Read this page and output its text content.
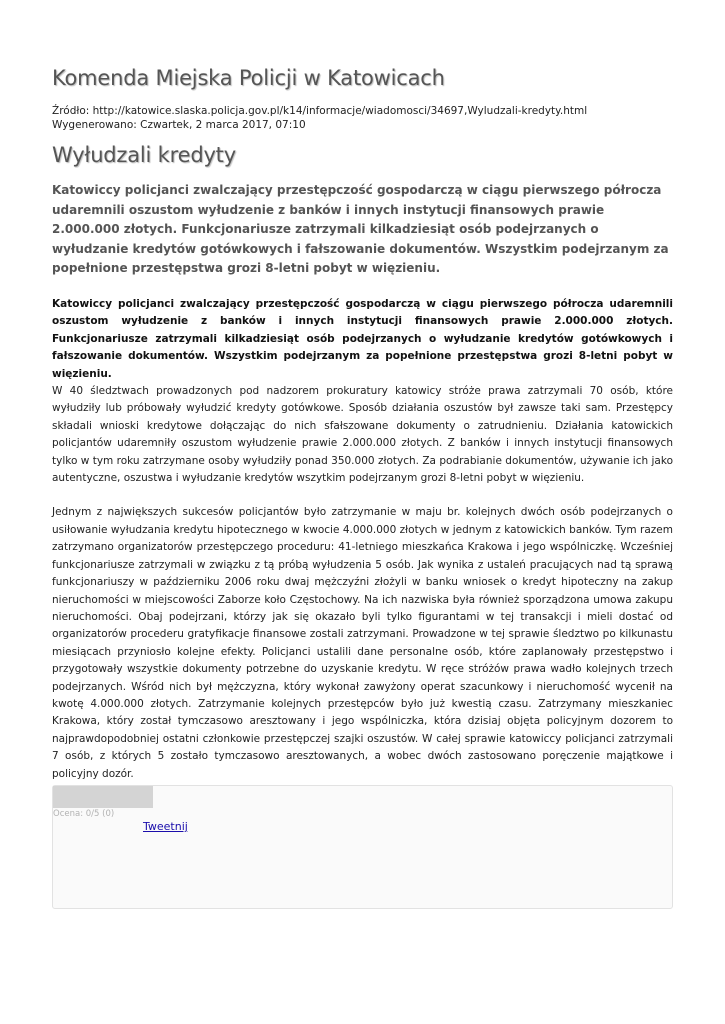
Komenda Miejska Policji w Katowicach
Źródło: http://katowice.slaska.policja.gov.pl/k14/informacje/wiadomosci/34697,Wyludzali-kredyty.html
Wygenerowano: Czwartek, 2 marca 2017, 07:10
Wyłudzali kredyty

Katowiccy policjanci zwalczający przestępczość gospodarczą w ciągu pierwszego półrocza udaremnili oszustom wyłudzenie z banków i innych instytucji finansowych prawie 2.000.000 złotych. Funkcjonariusze zatrzymali kilkadziesiąt osób podejrzanych o wyłudzanie kredytów gotówkowych i fałszowanie dokumentów. Wszystkim podejrzanym za popełnione przestępstwa grozi 8-letni pobyt w więzieniu.

Katowiccy policjanci zwalczający przestępczość gospodarczą w ciągu pierwszego półrocza udaremnili oszustom wyłudzenie z banków i innych instytucji finansowych prawie 2.000.000 złotych. Funkcjonariusze zatrzymali kilkadziesiąt osób podejrzanych o wyłudzanie kredytów gotówkowych i fałszowanie dokumentów. Wszystkim podejrzanym za popełnione przestępstwa grozi 8-letni pobyt w więzieniu.

W 40 śledztwach prowadzonych pod nadzorem prokuratury katowicy stróże prawa zatrzymali 70 osób, które wyłudziły lub próbowały wyłudzić kredyty gotówkowe. Sposób działania oszustów był zawsze taki sam. Przestępcy składali wnioski kredytowe dołączając do nich sfałszowane dokumenty o zatrudnieniu. Działania katowickich policjantów udaremniły oszustom wyłudzenie prawie 2.000.000 złotych. Z banków i innych instytucji finansowych tylko w tym roku zatrzymane osoby wyłudziły ponad 350.000 złotych. Za podrabianie dokumentów, używanie ich jako autentyczne, oszustwa i wyłudzanie kredytów wszytkim podejrzanym grozi 8-letni pobyt w więzieniu.

Jednym z największych sukcesów policjantów było zatrzymanie w maju br. kolejnych dwóch osób podejrzanych o usiłowanie wyłudzania kredytu hipotecznego w kwocie 4.000.000 złotych w jednym z katowickich banków. Tym razem zatrzymano organizatorów przestępczego proceduru: 41-letniego mieszkańca Krakowa i jego wspólniczkę. Wcześniej funkcjonariusze zatrzymali w związku z tą próbą wyłudzenia 5 osób. Jak wynika z ustaleń pracujących nad tą sprawą funkcjonariuszy w październiku 2006 roku dwaj mężczyźni złożyli w banku wniosek o kredyt hipoteczny na zakup nieruchomości w miejscowości Zaborze koło Częstochowy. Na ich nazwiska była również sporządzona umowa zakupu nieruchomości. Obaj podejrzani, którzy jak się okazało byli tylko figurantami w tej transakcji i mieli dostać od organizatorów procederu gratyfikacje finansowe zostali zatrzymani. Prowadzone w tej sprawie śledztwo po kilkunastu miesiącach przyniosło kolejne efekty. Policjanci ustalili dane personalne osób, które zaplanowały przestępstwo i przygotowały wszystkie dokumenty potrzebne do uzyskanie kredytu. W ręce stróżów prawa wadło kolejnych trzech podejrzanych. Wśród nich był mężczyzna, który wykonał zawyżony operat szacunkowy i nieruchomość wycenił na kwotę 4.000.000 złotych. Zatrzymanie kolejnych przestępców było już kwestią czasu. Zatrzymany mieszkaniec Krakowa, który został tymczasowo aresztowany i jego wspólniczka, która dzisiaj objęta policyjnym dozorem to najprawdopodobniej ostatni członkowie przestępczej szajki oszustów. W całej sprawie katowiccy policjanci zatrzymali 7 osób, z których 5 zostało tymczasowo aresztowanych, a wobec dwóch zastosowano poręczenie majątkowe i policyjny dozór.

Ocena: 0/5 (0)
Tweetnij
